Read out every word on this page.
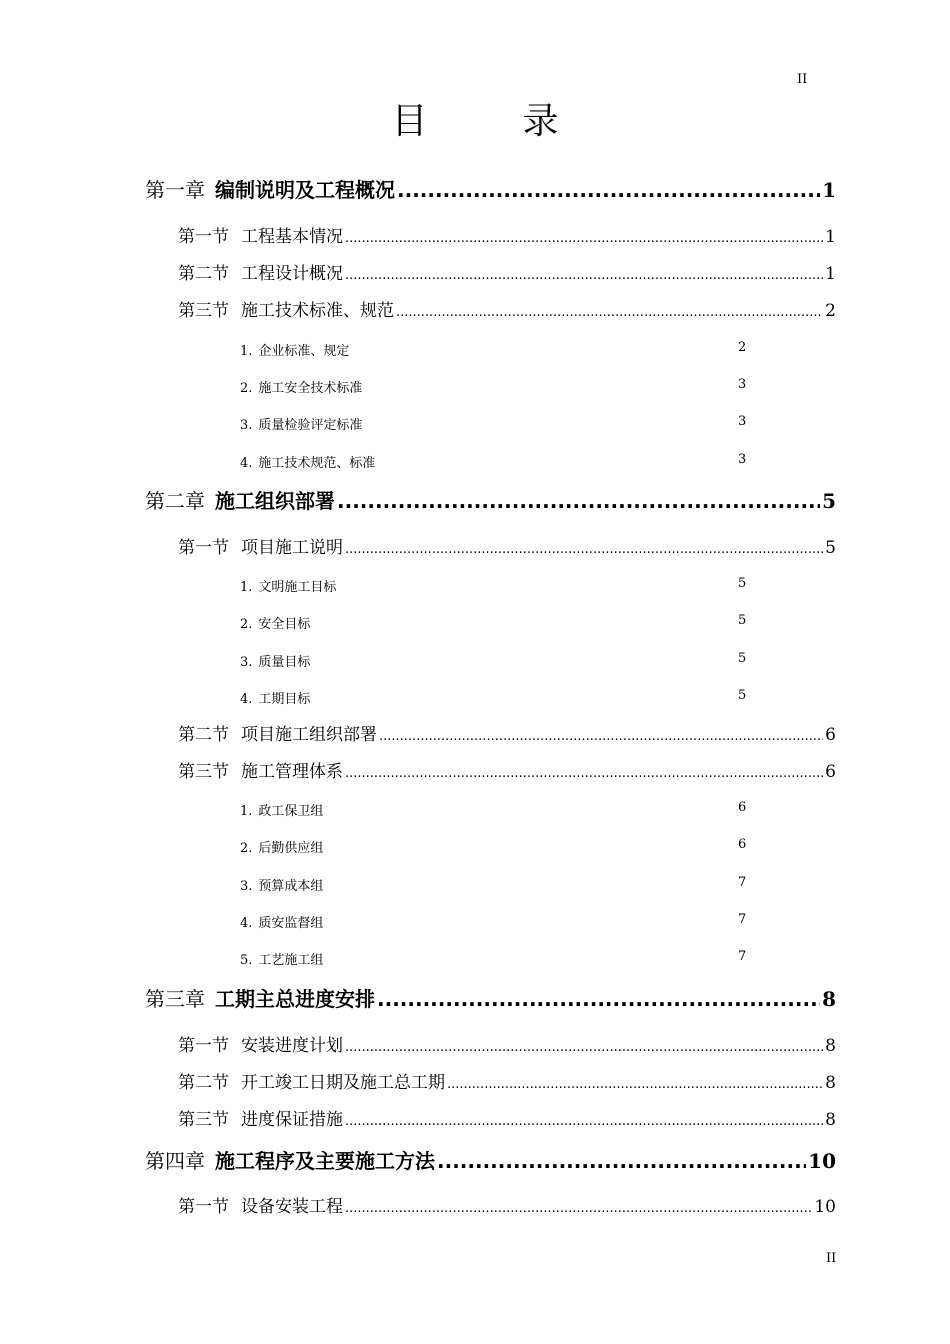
II
目	录
第一章 编制说明及工程概况 .....	1
第一节 工程基本情况 .....	1
第二节 工程设计概况 .....	1
第三节 施工技术标准、规范 .....	2
1. 企业标准、规定	2
2. 施工安全技术标准	3
3. 质量检验评定标准	3
4. 施工技术规范、标准	3
第二章 施工组织部署 .....	5
第一节 项目施工说明 .....	5
1. 文明施工目标	5
2. 安全目标	5
3. 质量目标	5
4. 工期目标	5
第二节 项目施工组织部署 .....	6
第三节 施工管理体系 .....	6
1. 政工保卫组	6
2. 后勤供应组	6
3. 预算成本组	7
4. 质安监督组	7
5. 工艺施工组	7
第三章 工期主总进度安排 .....	8
第一节 安装进度计划 .....	8
第二节 开工竣工日期及施工总工期 .....	8
第三节 进度保证措施 .....	8
第四章 施工程序及主要施工方法 .....	10
第一节 设备安装工程 .....	10
II
